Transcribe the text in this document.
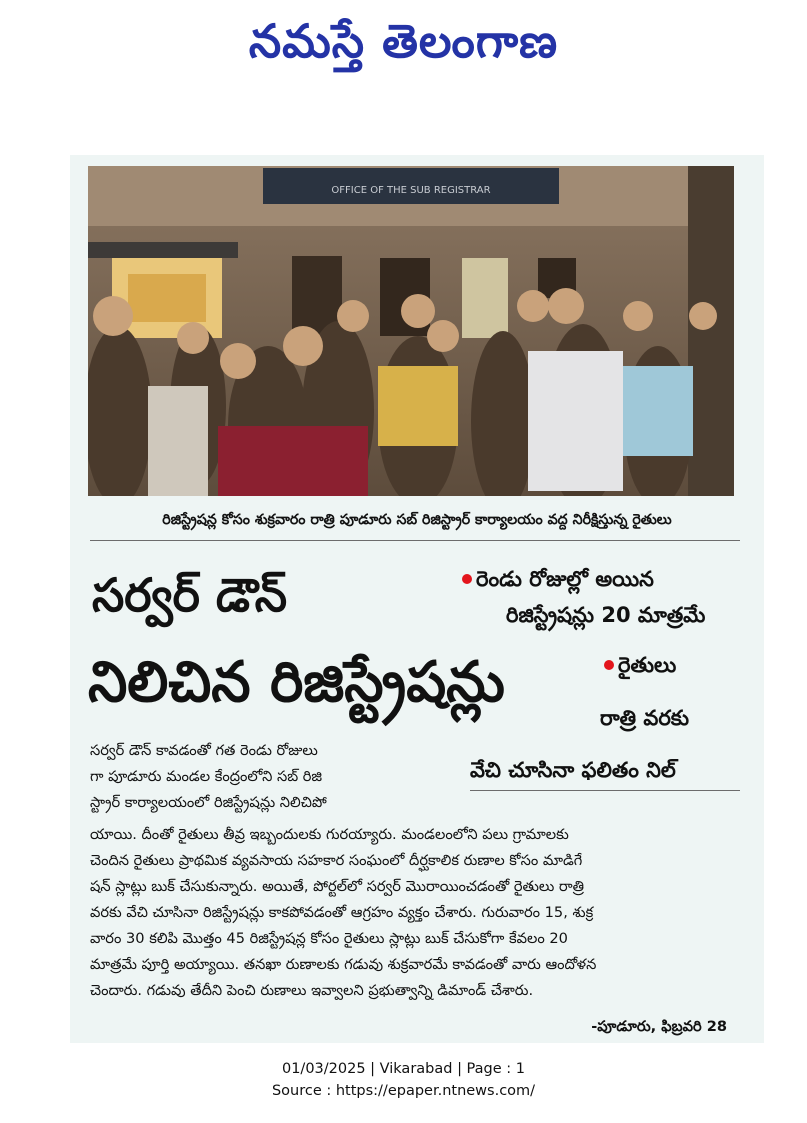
నమస్తే తెలంగాణ
OFFICE OF THE SUB REGISTRAR
రిజిస్ట్రేషన్ల కోసం శుక్రవారం రాత్రి పూడూరు సబ్ రిజిస్ట్రార్ కార్యాలయం వద్ద నిరీక్షిస్తున్న రైతులు
సర్వర్ డౌన్
నిలిచిన రిజిస్ట్రేషన్లు
రెండు రోజుల్లో అయిన
రిజిస్ట్రేషన్లు 20 మాత్రమే
రైతులు
రాత్రి వరకు
వేచి చూసినా ఫలితం నిల్
సర్వర్ డౌన్ కావడంతో గత రెండు రోజులు
గా పూడూరు మండల కేంద్రంలోని సబ్ రిజి
స్ట్రార్ కార్యాలయంలో రిజిస్ట్రేషన్లు నిలిచిపో
యాయి. దీంతో రైతులు తీవ్ర ఇబ్బందులకు గురయ్యారు. మండలంలోని పలు గ్రామాలకు
చెందిన రైతులు ప్రాథమిక వ్యవసాయ సహకార సంఘంలో దీర్ఘకాలిక రుణాల కోసం మాడిగే
షన్ స్లాట్లు బుక్ చేసుకున్నారు. అయితే, పోర్టల్‌లో సర్వర్ మొరాయించడంతో రైతులు రాత్రి
వరకు వేచి చూసినా రిజిస్ట్రేషన్లు కాకపోవడంతో ఆగ్రహం వ్యక్తం చేశారు. గురువారం 15, శుక్ర
వారం 30 కలిపి మొత్తం 45 రిజిస్ట్రేషన్ల కోసం రైతులు స్లాట్లు బుక్ చేసుకోగా కేవలం 20
మాత్రమే పూర్తి అయ్యాయి. తనఖా రుణాలకు గడువు శుక్రవారమే కావడంతో వారు ఆందోళన
చెందారు. గడువు తేదీని పెంచి రుణాలు ఇవ్వాలని ప్రభుత్వాన్ని డిమాండ్ చేశారు.
-పూడూరు, ఫిబ్రవరి 28
01/03/2025 | Vikarabad | Page : 1
Source : https://epaper.ntnews.com/
